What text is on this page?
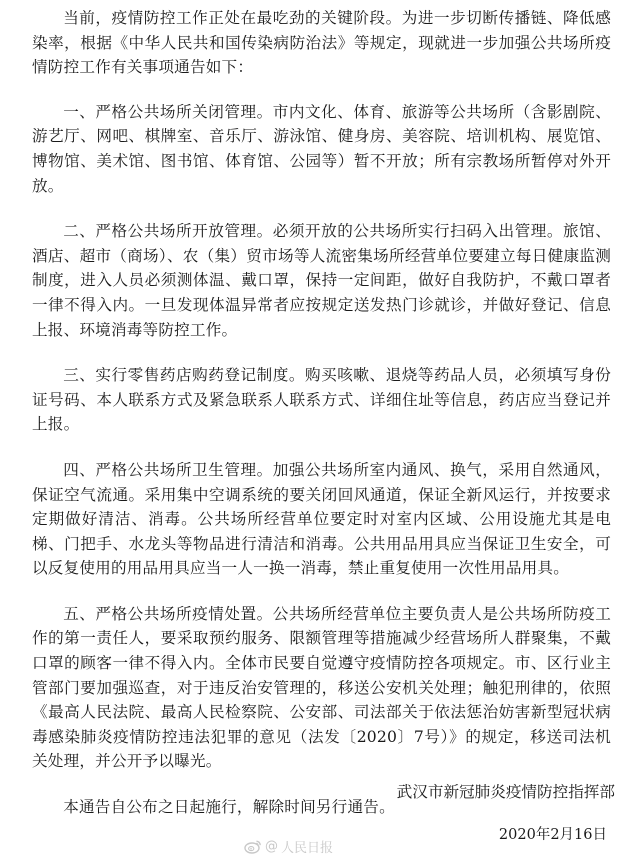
当前，疫情防控工作正处在最吃劲的关键阶段。为进一步切断传播链、降低感染率，根据《中华人民共和国传染病防治法》等规定，现就进一步加强公共场所疫情防控工作有关事项通告如下：

一、严格公共场所关闭管理。市内文化、体育、旅游等公共场所（含影剧院、游艺厅、网吧、棋牌室、音乐厅、游泳馆、健身房、美容院、培训机构、展览馆、博物馆、美术馆、图书馆、体育馆、公园等）暂不开放；所有宗教场所暂停对外开放。

二、严格公共场所开放管理。必须开放的公共场所实行扫码入出管理。旅馆、酒店、超市（商场）、农（集）贸市场等人流密集场所经营单位要建立每日健康监测制度，进入人员必须测体温、戴口罩，保持一定间距，做好自我防护，不戴口罩者一律不得入内。一旦发现体温异常者应按规定送发热门诊就诊，并做好登记、信息上报、环境消毒等防控工作。

三、实行零售药店购药登记制度。购买咳嗽、退烧等药品人员，必须填写身份证号码、本人联系方式及紧急联系人联系方式、详细住址等信息，药店应当登记并上报。

四、严格公共场所卫生管理。加强公共场所室内通风、换气，采用自然通风，保证空气流通。采用集中空调系统的要关闭回风通道，保证全新风运行，并按要求定期做好清洁、消毒。公共场所经营单位要定时对室内区域、公用设施尤其是电梯、门把手、水龙头等物品进行清洁和消毒。公共用品用具应当保证卫生安全，可以反复使用的用品用具应当一人一换一消毒，禁止重复使用一次性用品用具。

五、严格公共场所疫情处置。公共场所经营单位主要负责人是公共场所防疫工作的第一责任人，要采取预约服务、限额管理等措施减少经营场所人群聚集，不戴口罩的顾客一律不得入内。全体市民要自觉遵守疫情防控各项规定。市、区行业主管部门要加强巡查，对于违反治安管理的，移送公安机关处理；触犯刑律的，依照《最高人民法院、最高人民检察院、公安部、司法部关于依法惩治妨害新型冠状病毒感染肺炎疫情防控违法犯罪的意见（法发〔2020〕7号）》的规定，移送司法机关处理，并公开予以曝光。

本通告自公布之日起施行，解除时间另行通告。

武汉市新冠肺炎疫情防控指挥部
2020年2月16日
@ 人民日报
